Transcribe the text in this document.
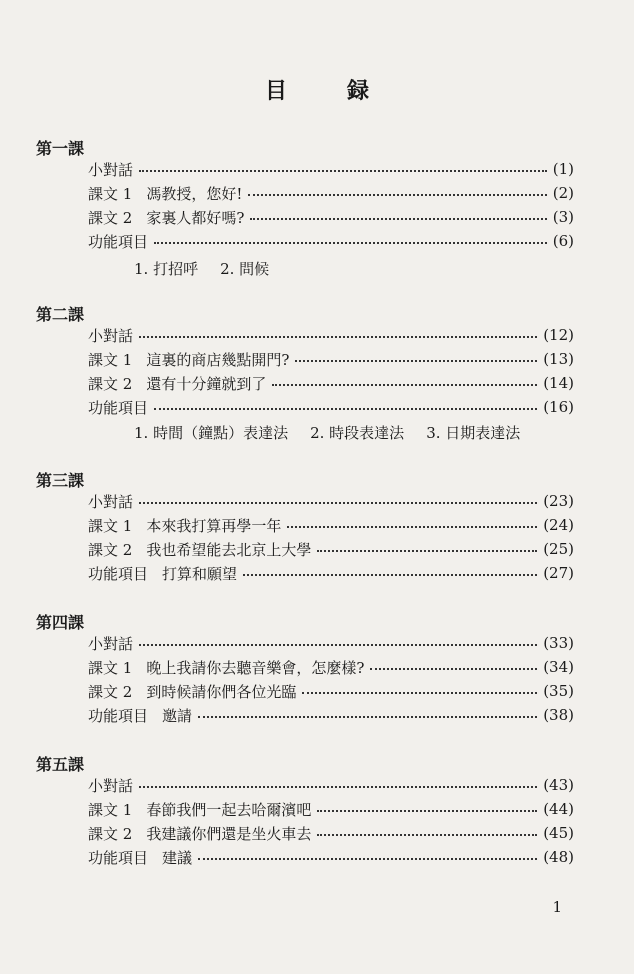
目	録
第一課
小對話	(1)
課文 1 馮教授，您好!	(2)
課文 2 家裏人都好嗎?	(3)
功能項目	(6)
1. 打招呼 2. 問候
第二課
小對話	(12)
課文 1 這裏的商店幾點開門?	(13)
課文 2 還有十分鐘就到了	(14)
功能項目	(16)
1. 時間（鐘點）表達法 2. 時段表達法 3. 日期表達法
第三課
小對話	(23)
課文 1 本來我打算再學一年	(24)
課文 2 我也希望能去北京上大學	(25)
功能項目 打算和願望	(27)
第四課
小對話	(33)
課文 1 晚上我請你去聽音樂會，怎麼樣?	(34)
課文 2 到時候請你們各位光臨	(35)
功能項目 邀請	(38)
第五課
小對話	(43)
課文 1 春節我們一起去哈爾濱吧	(44)
課文 2 我建議你們還是坐火車去	(45)
功能項目 建議	(48)
1
